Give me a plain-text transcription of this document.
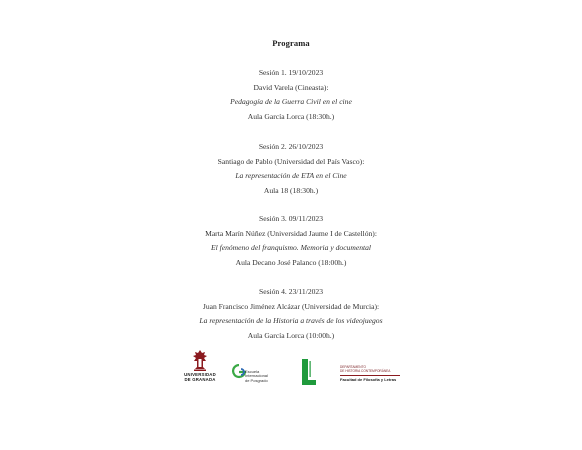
Programa
Sesión 1. 19/10/2023
David Varela (Cineasta):
Pedagogía de la Guerra Civil en el cine
Aula García Lorca (18:30h.)
Sesión 2. 26/10/2023
Santiago de Pablo (Universidad del País Vasco):
La representación de ETA en el Cine
Aula 18 (18:30h.)
Sesión 3. 09/11/2023
Marta Marín Núñez (Universidad Jaume I de Castellón):
El fenómeno del franquismo. Memoria y documental
Aula Decano José Palanco (18:00h.)
Sesión 4. 23/11/2023
Juan Francisco Jiménez Alcázar (Universidad de Murcia):
La representación de la Historia a través de los videojuegos
Aula García Lorca (10:00h.)
UNIVERSIDAD
DE GRANADA
Escuela
Internacional
de Posgrado
DEPARTAMENTO
DE HISTORIA CONTEMPORÁNEA
Facultad de Filosofía y Letras
